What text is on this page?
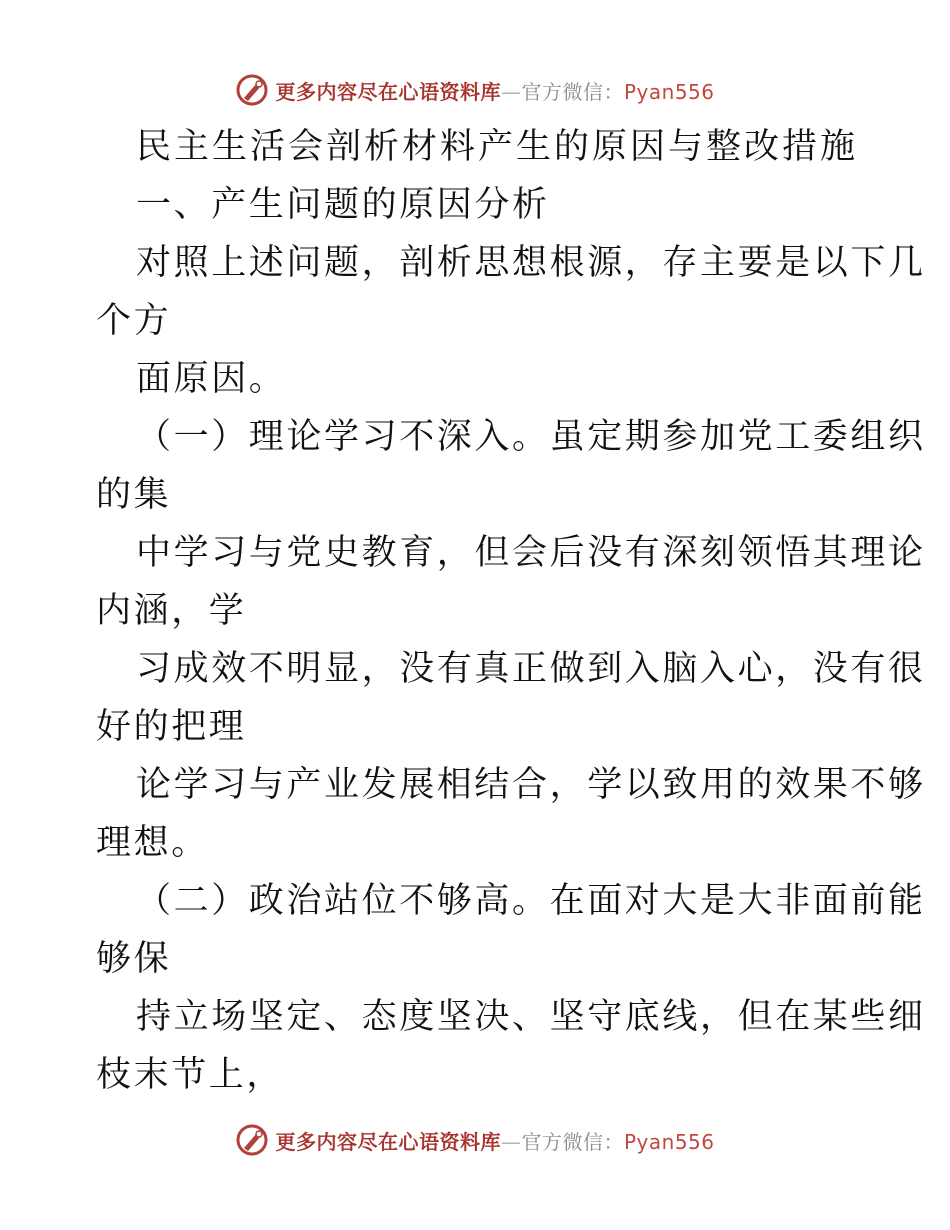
更多内容尽在心语资料库—官方微信：Pyan556
民主生活会剖析材料产生的原因与整改措施
一、产生问题的原因分析
对照上述问题，剖析思想根源，存主要是以下几
个方
面原因。
（一）理论学习不深入。虽定期参加党工委组织
的集
中学习与党史教育，但会后没有深刻领悟其理论
内涵，学
习成效不明显，没有真正做到入脑入心，没有很
好的把理
论学习与产业发展相结合，学以致用的效果不够
理想。
（二）政治站位不够高。在面对大是大非面前能
够保
持立场坚定、态度坚决、坚守底线，但在某些细
枝末节上，
更多内容尽在心语资料库—官方微信：Pyan556
